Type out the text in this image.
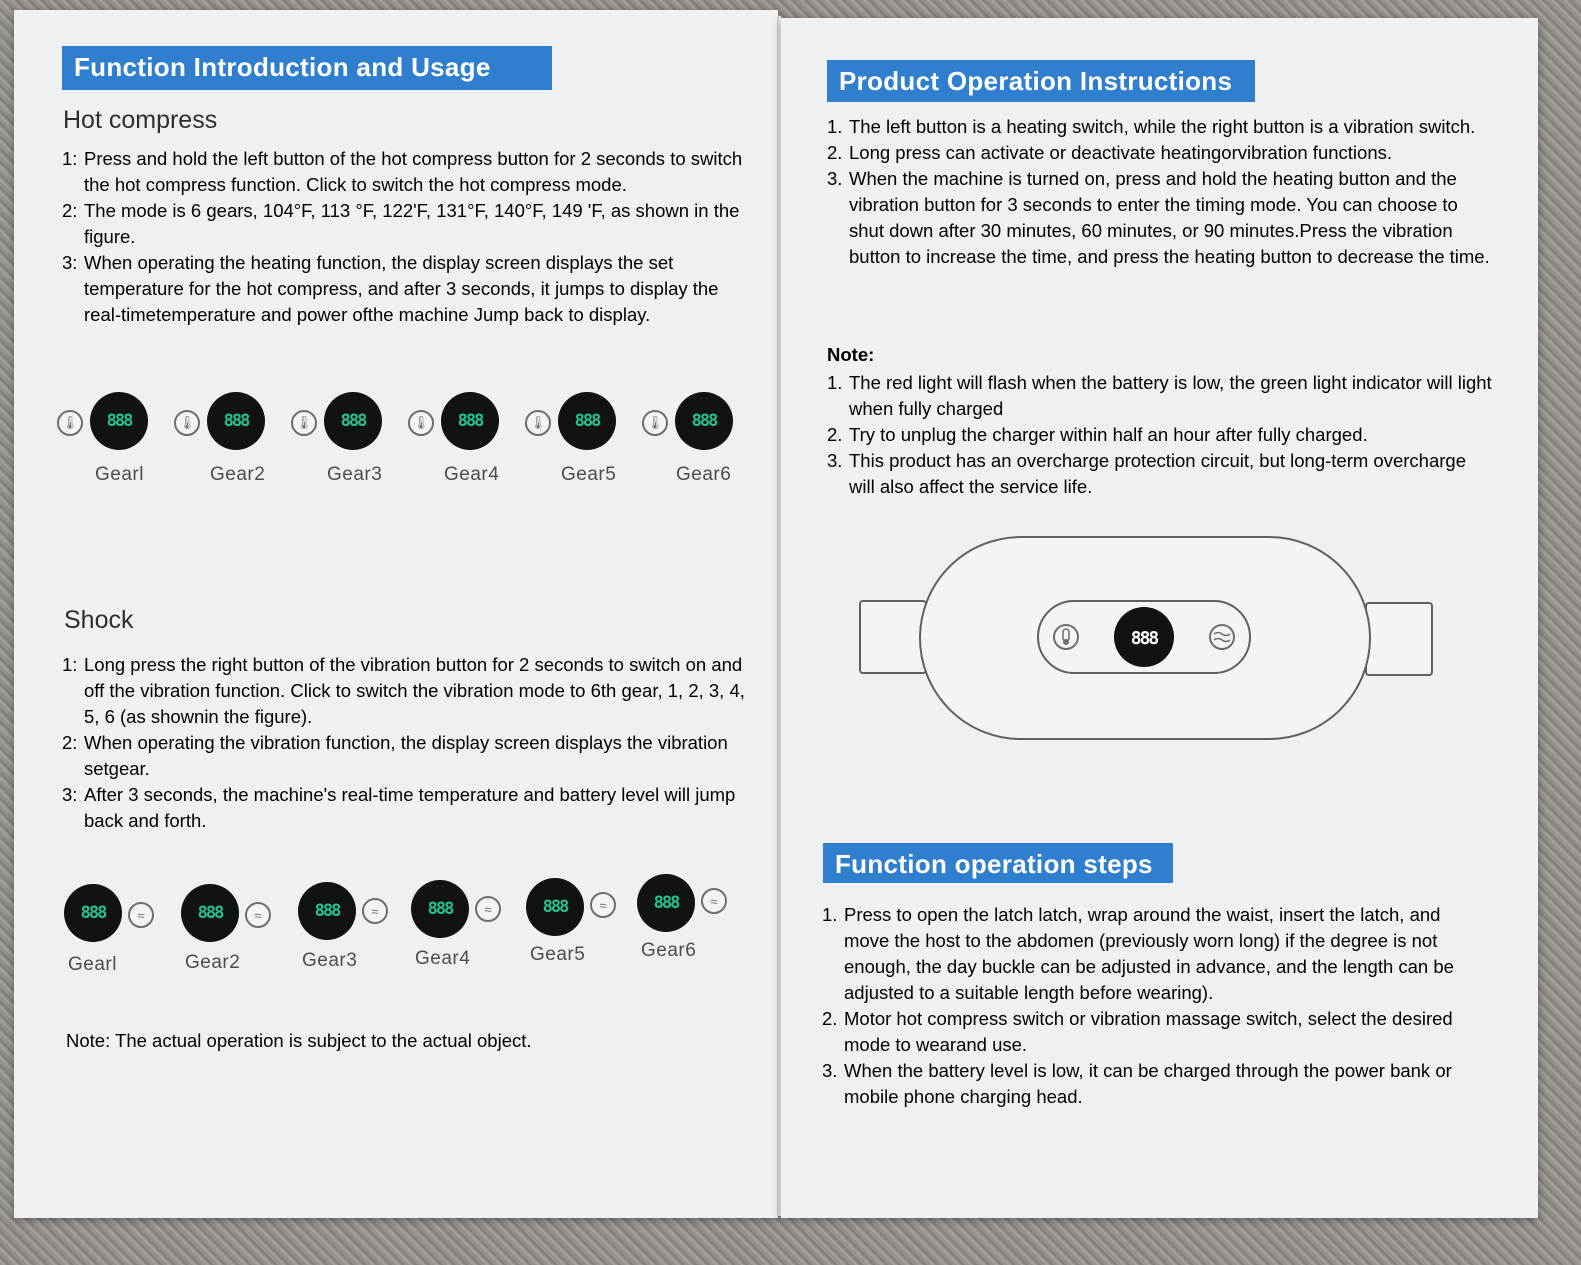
Function Introduction and Usage
Hot compress
1: Press and hold the left button of the hot compress button for 2 seconds to switch the hot compress function. Click to switch the hot compress mode.
2: The mode is 6 gears, 104°F, 113 °F, 122'F, 131°F, 140°F, 149 'F, as shown in the figure.
3: When operating the heating function, the display screen displays the set temperature for the hot compress, and after 3 seconds, it jumps to display the real-timetemperature and power ofthe machine Jump back to display.
🌡 888
Gearl
🌡 888
Gear2
🌡 888
Gear3
🌡 888
Gear4
🌡 888
Gear5
🌡 888
Gear6
Shock
1: Long press the right button of the vibration button for 2 seconds to switch on and off the vibration function. Click to switch the vibration mode to 6th gear, 1, 2, 3, 4, 5, 6 (as shownin the figure).
2: When operating the vibration function, the display screen displays the vibration setgear.
3: After 3 seconds, the machine's real-time temperature and battery level will jump back and forth.
888	≈
Gearl
888	≈
Gear2
888	≈
Gear3
888	≈
Gear4
888	≈
Gear5
888	≈
Gear6
Note: The actual operation is subject to the actual object.
Product Operation Instructions
1. The left button is a heating switch, while the right button is a vibration switch.
2. Long press can activate or deactivate heatingorvibration functions.
3. When the machine is turned on, press and hold the heating button and the vibration button for 3 seconds to enter the timing mode. You can choose to shut down after 30 minutes, 60 minutes, or 90 minutes.Press the vibration button to increase the time, and press the heating button to decrease the time.
Note:
1. The red light will flash when the battery is low, the green light indicator will light when fully charged
2. Try to unplug the charger within half an hour after fully charged.
3. This product has an overcharge protection circuit, but long-term overcharge will also affect the service life.
888
Function operation steps
1. Press to open the latch latch, wrap around the waist, insert the latch, and move the host to the abdomen (previously worn long) if the degree is not enough, the day buckle can be adjusted in advance, and the length can be adjusted to a suitable length before wearing).
2. Motor hot compress switch or vibration massage switch, select the desired mode to wearand use.
3. When the battery level is low, it can be charged through the power bank or mobile phone charging head.
